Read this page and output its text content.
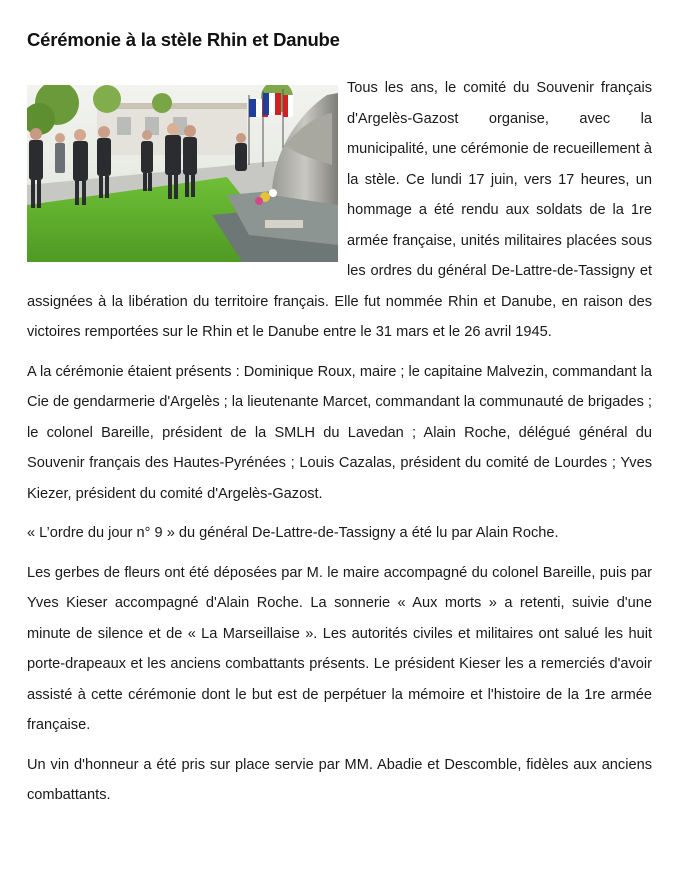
Cérémonie à la stèle Rhin et Danube

Tous les ans, le comité du Souvenir français d'Argelès-Gazost organise, avec la municipalité, une cérémonie de recueillement à la stèle. Ce lundi 17 juin, vers 17 heures, un hommage a été rendu aux soldats de la 1re armée française, unités militaires placées sous les ordres du général De-Lattre-de-Tassigny et assignées à la libération du territoire français. Elle fut nommée Rhin et Danube, en raison des victoires remportées sur le Rhin et le Danube entre le 31 mars et le 26 avril 1945.

A la cérémonie étaient présents : Dominique Roux, maire ; le capitaine Malvezin, commandant la Cie de gendarmerie d'Argelès ; la lieutenante Marcet, commandant la communauté de brigades ; le colonel Bareille, président de la SMLH du Lavedan ; Alain Roche, délégué général du Souvenir français des Hautes-Pyrénées ; Louis Cazalas, président du comité de Lourdes ; Yves Kiezer, président du comité d'Argelès-Gazost.

« L’ordre du jour n° 9 » du général De-Lattre-de-Tassigny a été lu par Alain Roche.

Les gerbes de fleurs ont été déposées par M. le maire accompagné du colonel Bareille, puis par Yves Kieser accompagné d'Alain Roche. La sonnerie « Aux morts » a retenti, suivie d'une minute de silence et de « La Marseillaise ». Les autorités civiles et militaires ont salué les huit porte-drapeaux et les anciens combattants présents. Le président Kieser les a remerciés d'avoir assisté à cette cérémonie dont le but est de perpétuer la mémoire et l'histoire de la 1re armée française.

Un vin d'honneur a été pris sur place servie par MM. Abadie et Descomble, fidèles aux anciens combattants.
